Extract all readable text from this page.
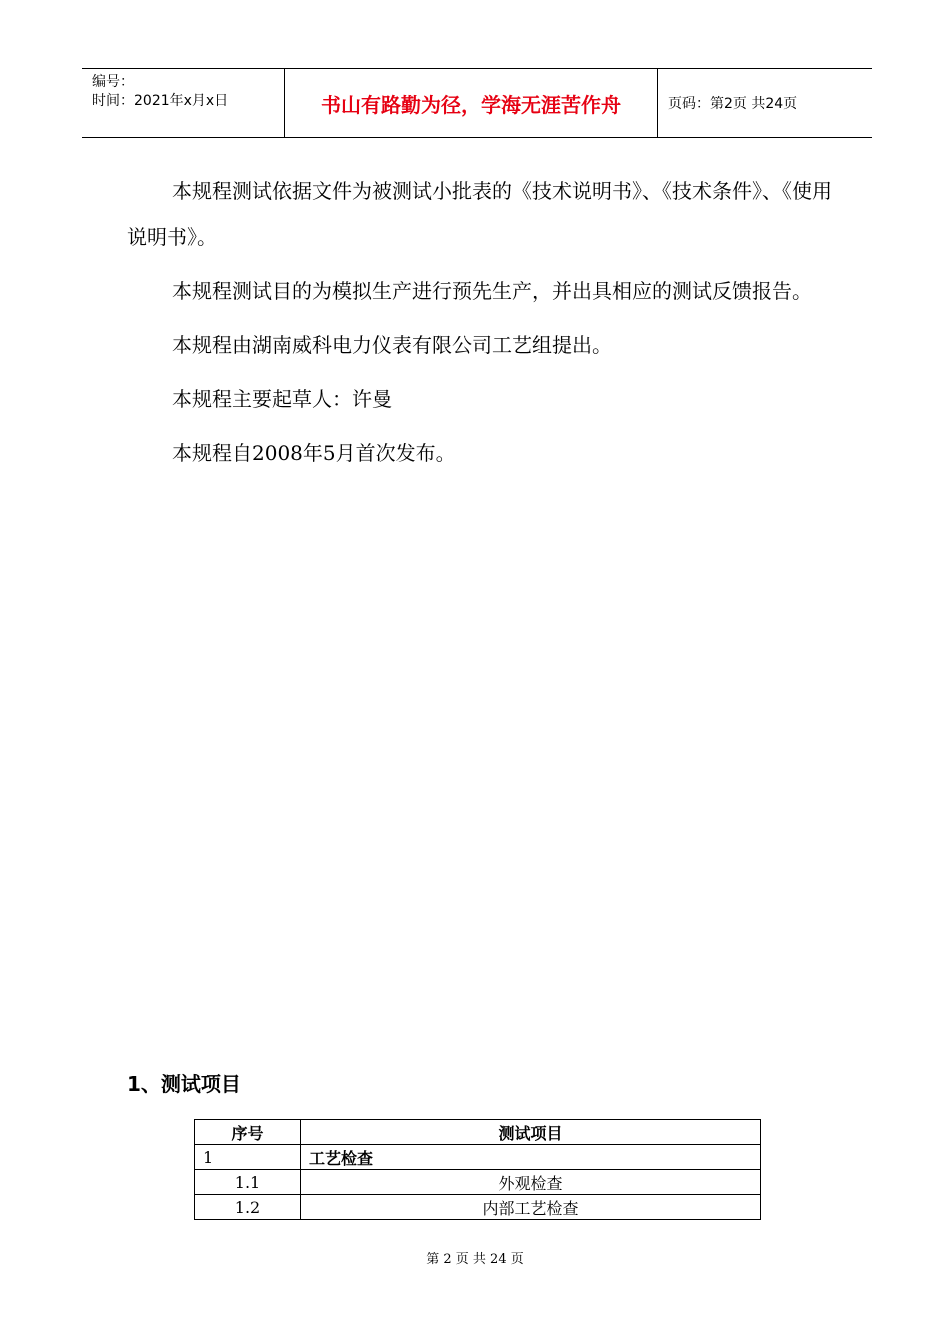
编号：
时间：2021年x月x日	书山有路勤为径，学海无涯苦作舟	页码：第2页 共24页

本规程测试依据文件为被测试小批表的《技术说明书》、《技术条件》、《使用说明书》。

本规程测试目的为模拟生产进行预先生产，并出具相应的测试反馈报告。

本规程由湖南威科电力仪表有限公司工艺组提出。

本规程主要起草人：许曼

本规程自2008年5月首次发布。

1、测试项目
序号	测试项目
1	工艺检查
1.1	外观检查
1.2	内部工艺检查
第 2 页 共 24 页
